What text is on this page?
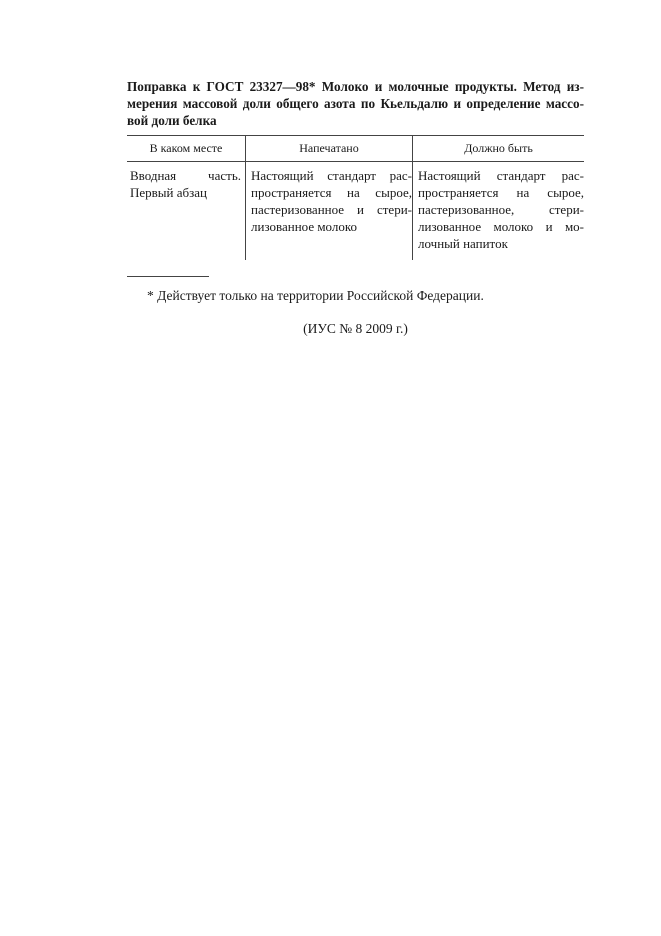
Поправка к ГОСТ 23327—98* Молоко и молочные продукты. Метод из-
мерения массовой доли общего азота по Кьельдалю и определение массо-
вой доли белка

В каком месте	Напечатано	Должно быть

Вводная часть.
Первый абзац	Настоящий стандарт рас-
пространяется на сырое,
пастеризованное и стери-
лизованное молоко	Настоящий стандарт рас-
пространяется на сырое,
пастеризованное, стери-
лизованное молоко и мо-
лочный напиток

* Действует только на территории Российской Федерации.

(ИУС № 8 2009 г.)
